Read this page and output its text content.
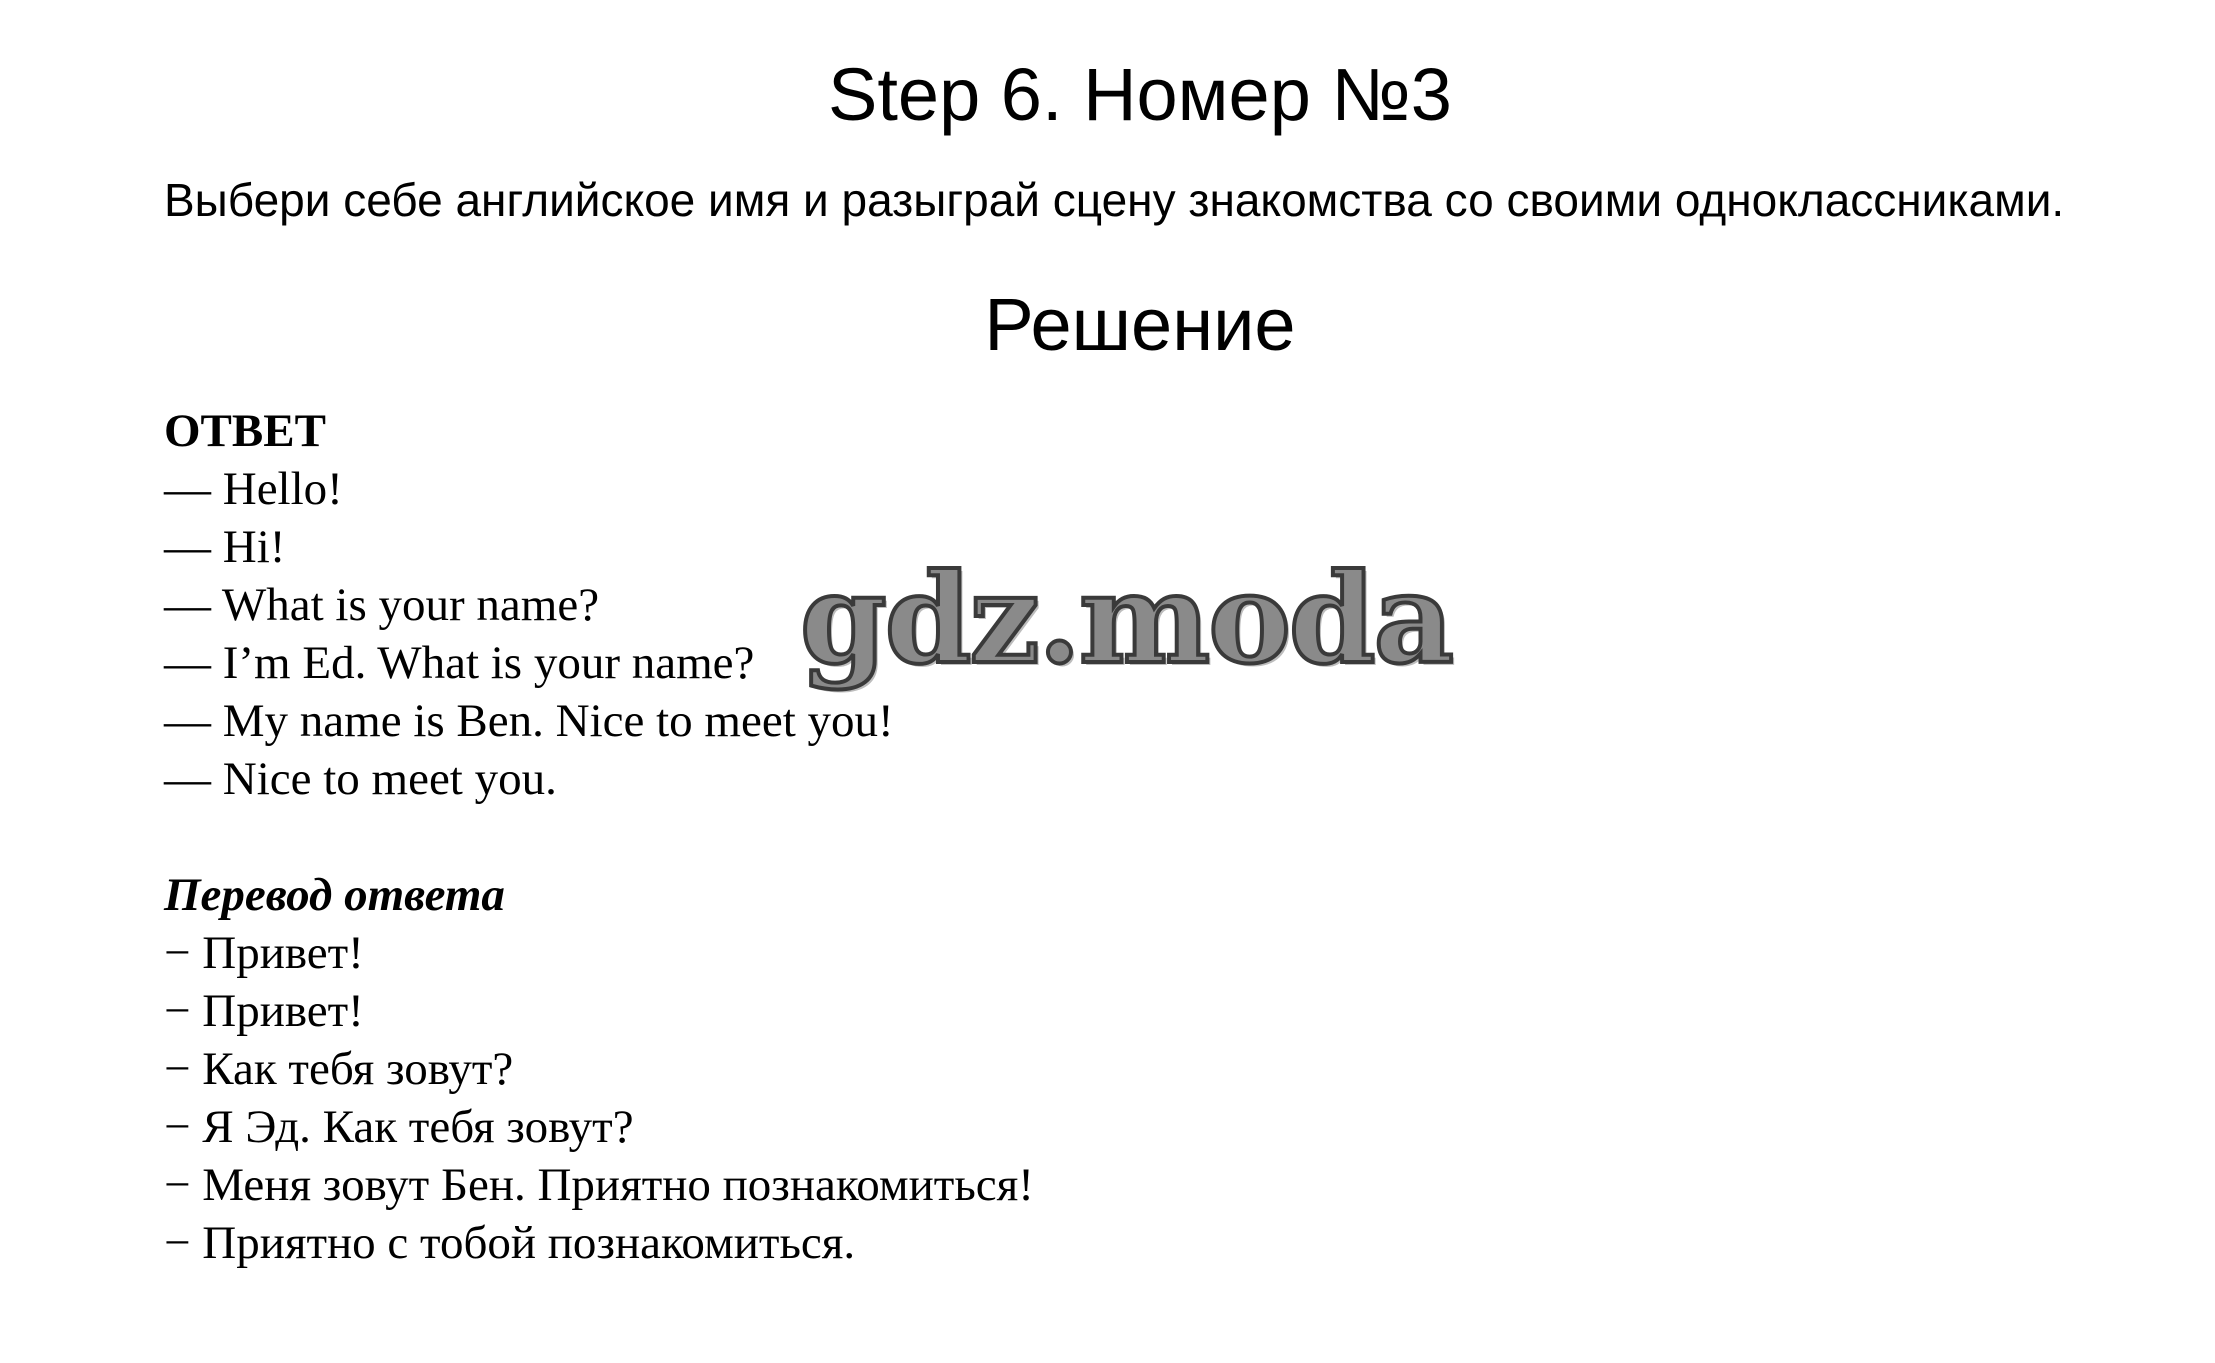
Step 6. Номер №3
Выбери себе английское имя и разыграй сцену знакомства со своими одноклассниками.
Решение
ОТВЕТ
— Hello!
— Hi!
— What is your name?
— I’m Ed. What is your name?
— My name is Ben. Nice to meet you!
— Nice to meet you.
Перевод ответа
− Привет!
− Привет!
− Как тебя зовут?
− Я Эд. Как тебя зовут?
− Меня зовут Бен. Приятно познакомиться!
− Приятно с тобой познакомиться.
gdz.moda
